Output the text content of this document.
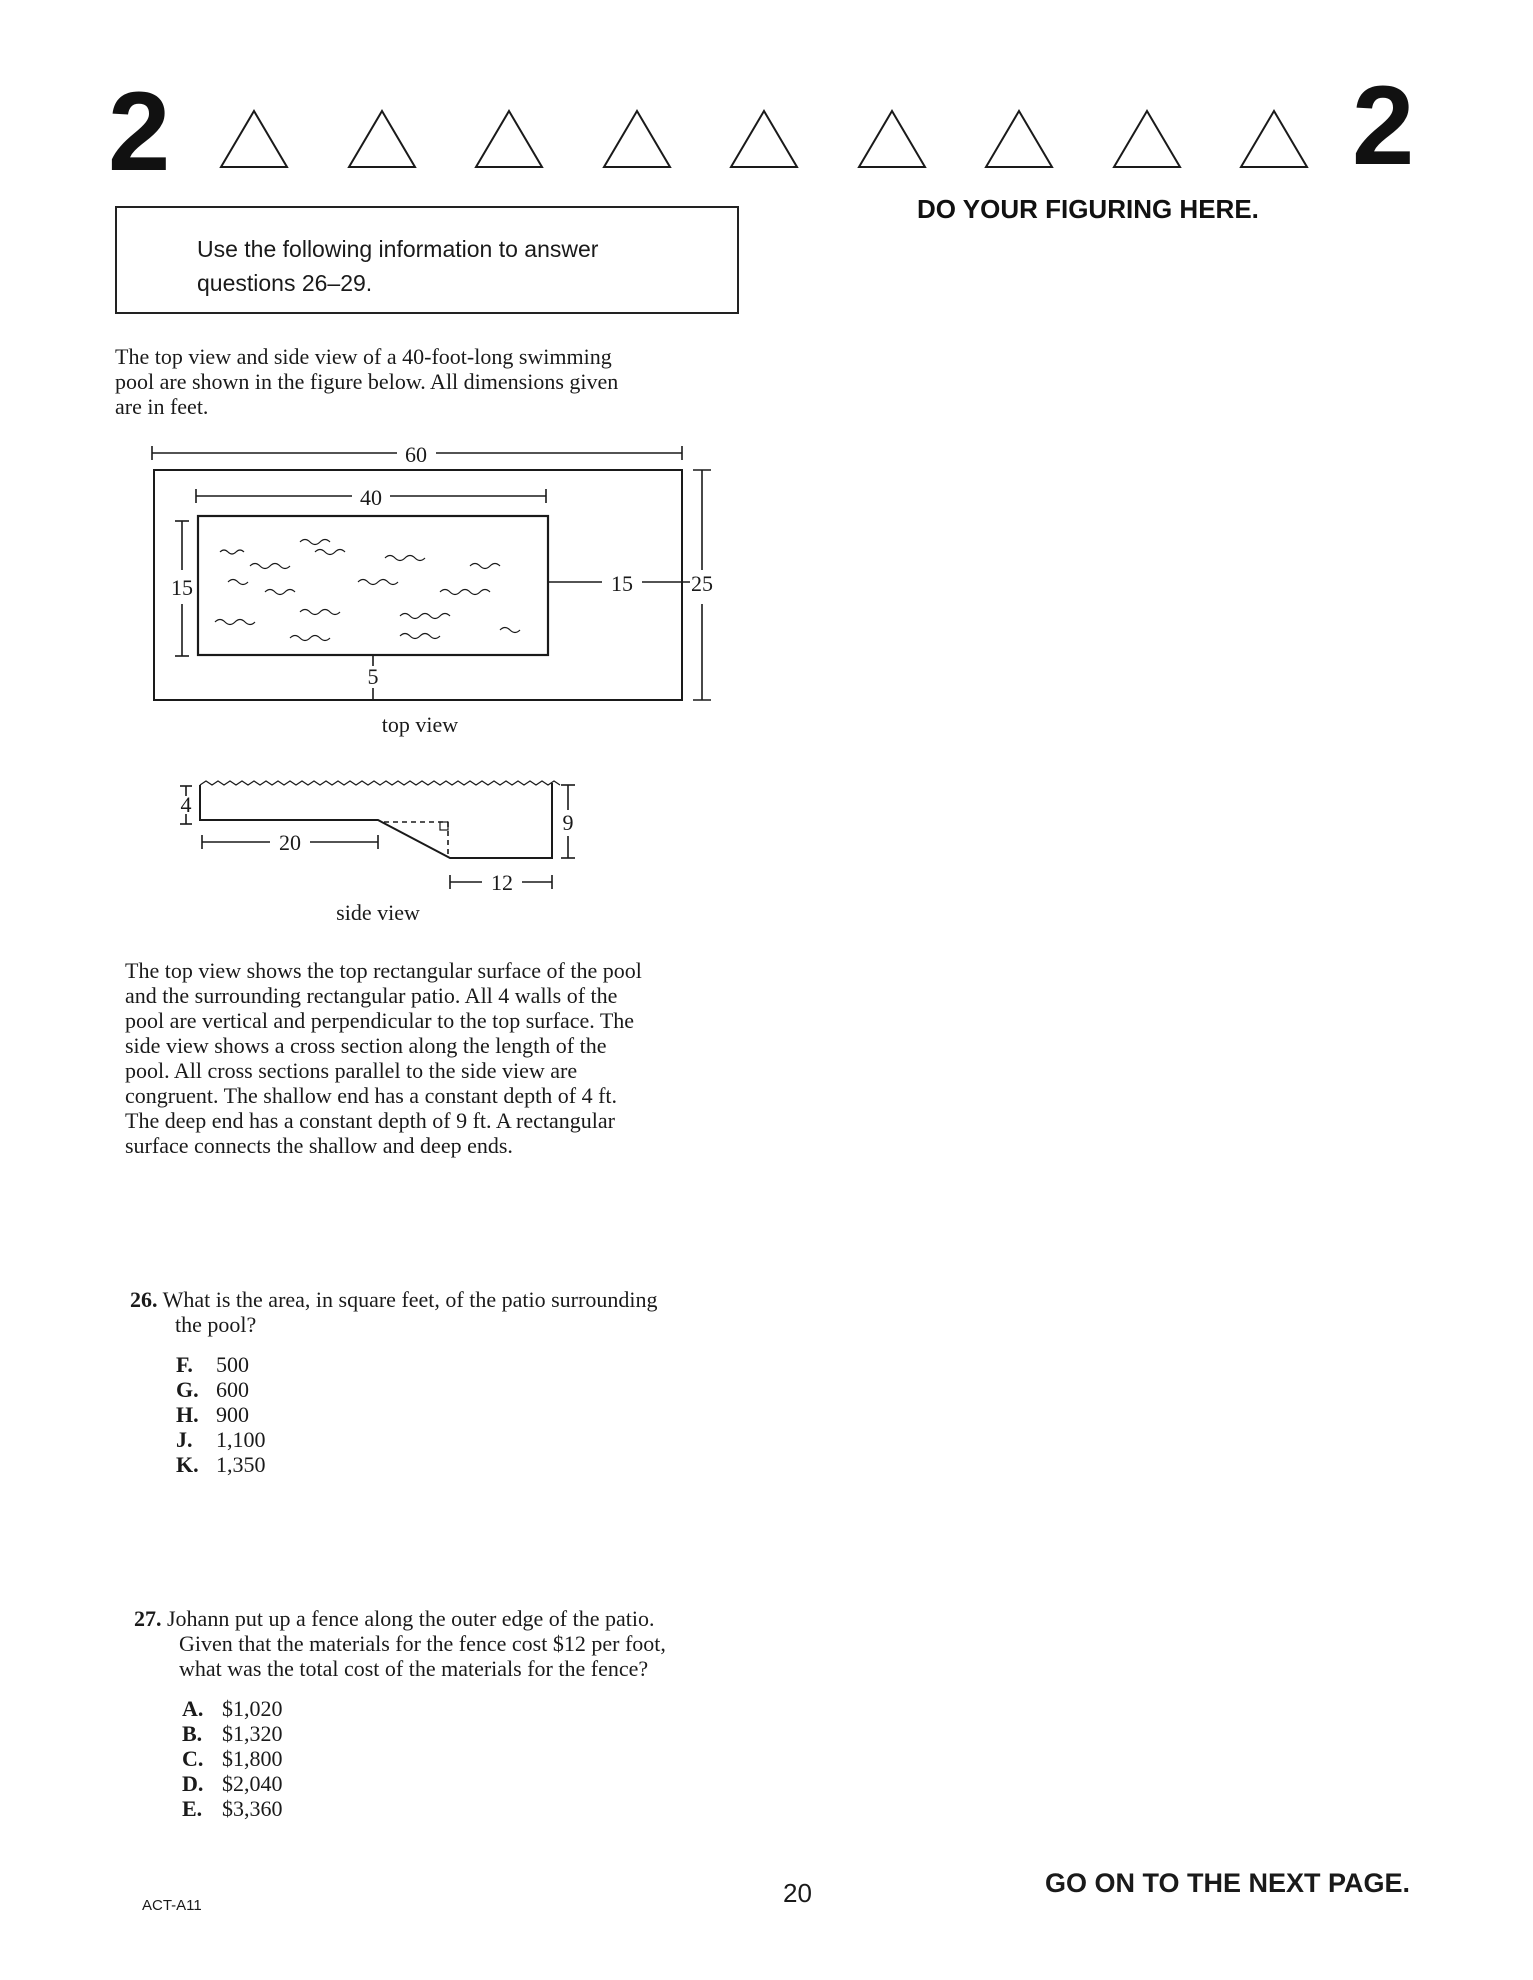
2	2
DO YOUR FIGURING HERE.
Use the following information to answer
questions 26–29.
The top view and side view of a 40-foot-long swimming
pool are shown in the figure below. All dimensions given
are in feet.
60
40
15	15	25
5
top view
4
20
9
12
side view
The top view shows the top rectangular surface of the pool
and the surrounding rectangular patio. All 4 walls of the
pool are vertical and perpendicular to the top surface. The
side view shows a cross section along the length of the
pool. All cross sections parallel to the side view are
congruent. The shallow end has a constant depth of 4 ft.
The deep end has a constant depth of 9 ft. A rectangular
surface connects the shallow and deep ends.
26. What is the area, in square feet, of the patio surrounding
the pool?
F.	500
G. 600
H. 900
J.	1,100
K. 1,350
27. Johann put up a fence along the outer edge of the patio.
Given that the materials for the fence cost $12 per foot,
what was the total cost of the materials for the fence?
A. $1,020
B. $1,320
C. $1,800
D. $2,040
E. $3,360
ACT-A11	20	GO ON TO THE NEXT PAGE.
